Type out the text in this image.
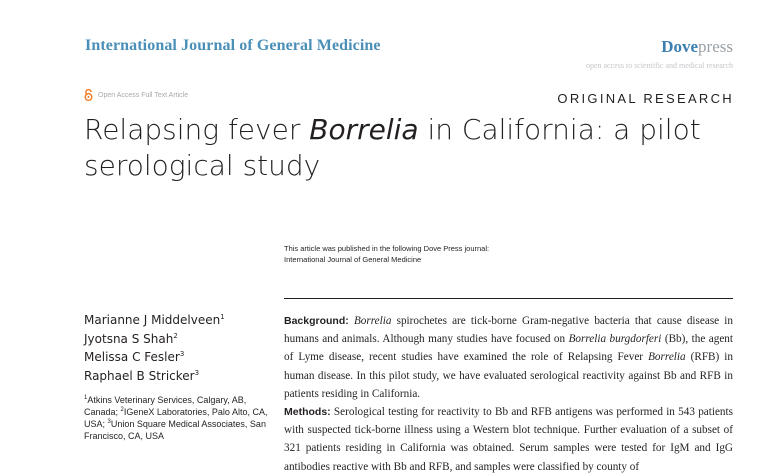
International Journal of General Medicine	Dovepress
open access to scientific and medical research
Open Access Full Text Article	ORIGINAL RESEARCH
Relapsing fever Borrelia in California: a pilot serological study
This article was published in the following Dove Press journal:
International Journal of General Medicine
Marianne J Middelveen$^1$
Jyotsna S Shah$^2$
Melissa C Fesler$^3$
Raphael B Stricker$^3$
$^1$Atkins Veterinary Services, Calgary, AB, Canada; $^2$IGeneX Laboratories, Palo Alto, CA, USA; $^3$Union Square Medical Associates, San Francisco, CA, USA

Background: Borrelia spirochetes are tick-borne Gram-negative bacteria that cause disease in humans and animals. Although many studies have focused on Borrelia burgdorferi (Bb), the agent of Lyme disease, recent studies have examined the role of Relapsing Fever Borrelia (RFB) in human disease. In this pilot study, we have evaluated serological reactivity against Bb and RFB in patients residing in California.

Methods: Serological testing for reactivity to Bb and RFB antigens was performed in 543 patients with suspected tick-borne illness using a Western blot technique. Further evaluation of a subset of 321 patients residing in California was obtained. Serum samples were tested for IgM and IgG antibodies reactive with Bb and RFB, and samples were classified by county of
